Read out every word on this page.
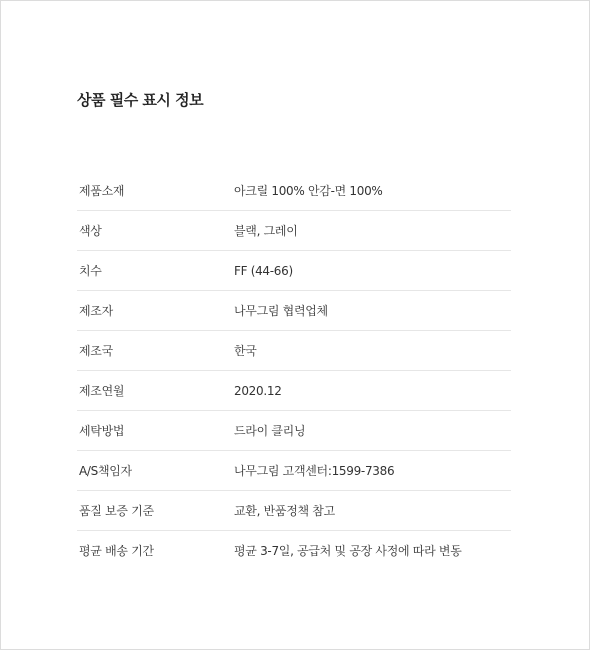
상품 필수 표시 정보
제품소재	아크릴 100% 안감-면 100%
색상	블랙, 그레이
치수	FF (44-66)
제조자	나무그림 협력업체
제조국	한국
제조연월	2020.12
세탁방법	드라이 클리닝
A/S책임자	나무그림 고객센터:1599-7386
품질 보증 기준	교환, 반품정책 참고
평균 배송 기간	평균 3-7일, 공급처 및 공장 사정에 따라 변동
